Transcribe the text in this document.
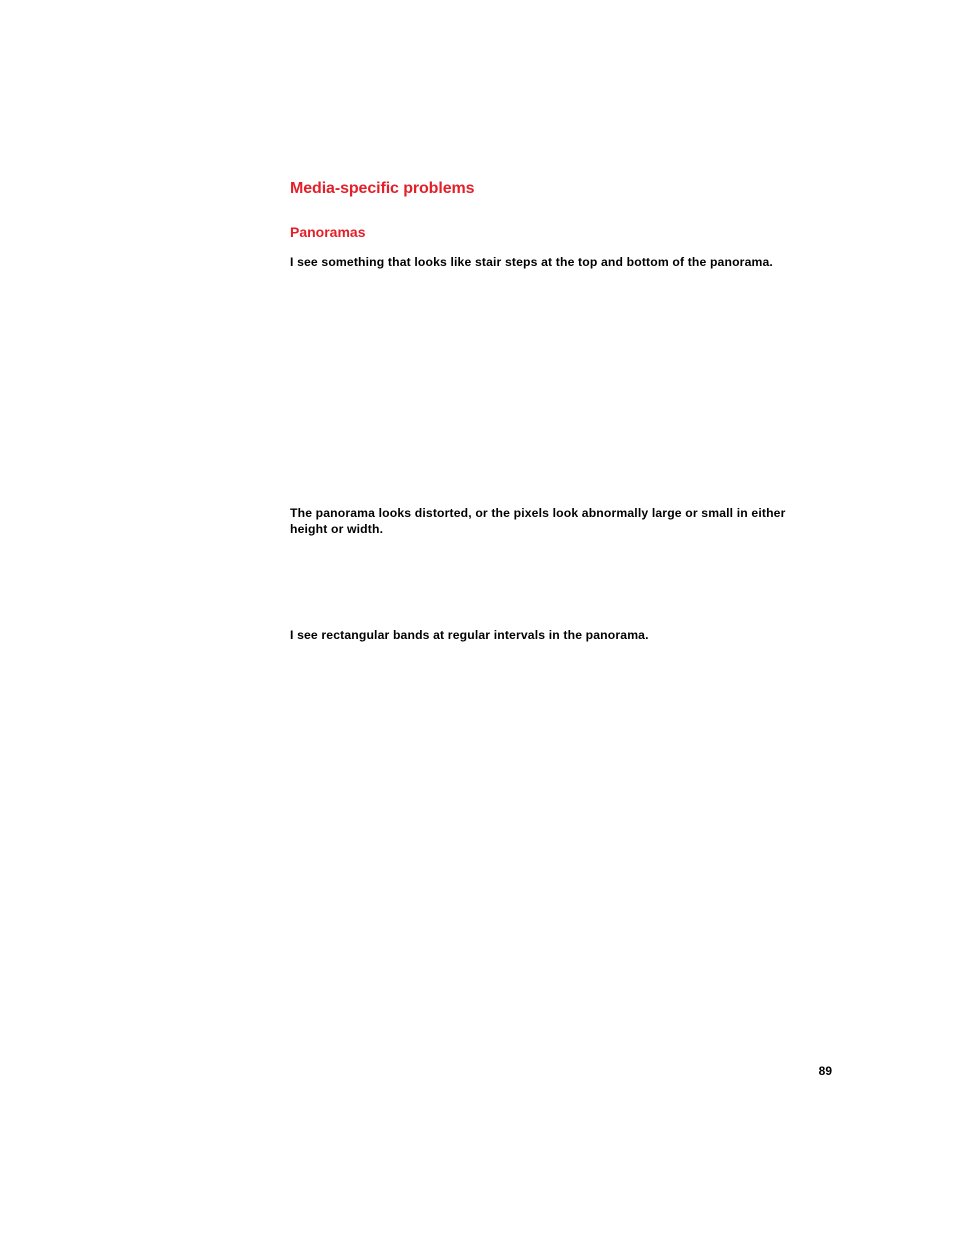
Media-specific problems
Panoramas

I see something that looks like stair steps at the top and bottom of the panorama.

The panorama looks distorted, or the pixels look abnormally large or small in either height or width.

I see rectangular bands at regular intervals in the panorama.

89
